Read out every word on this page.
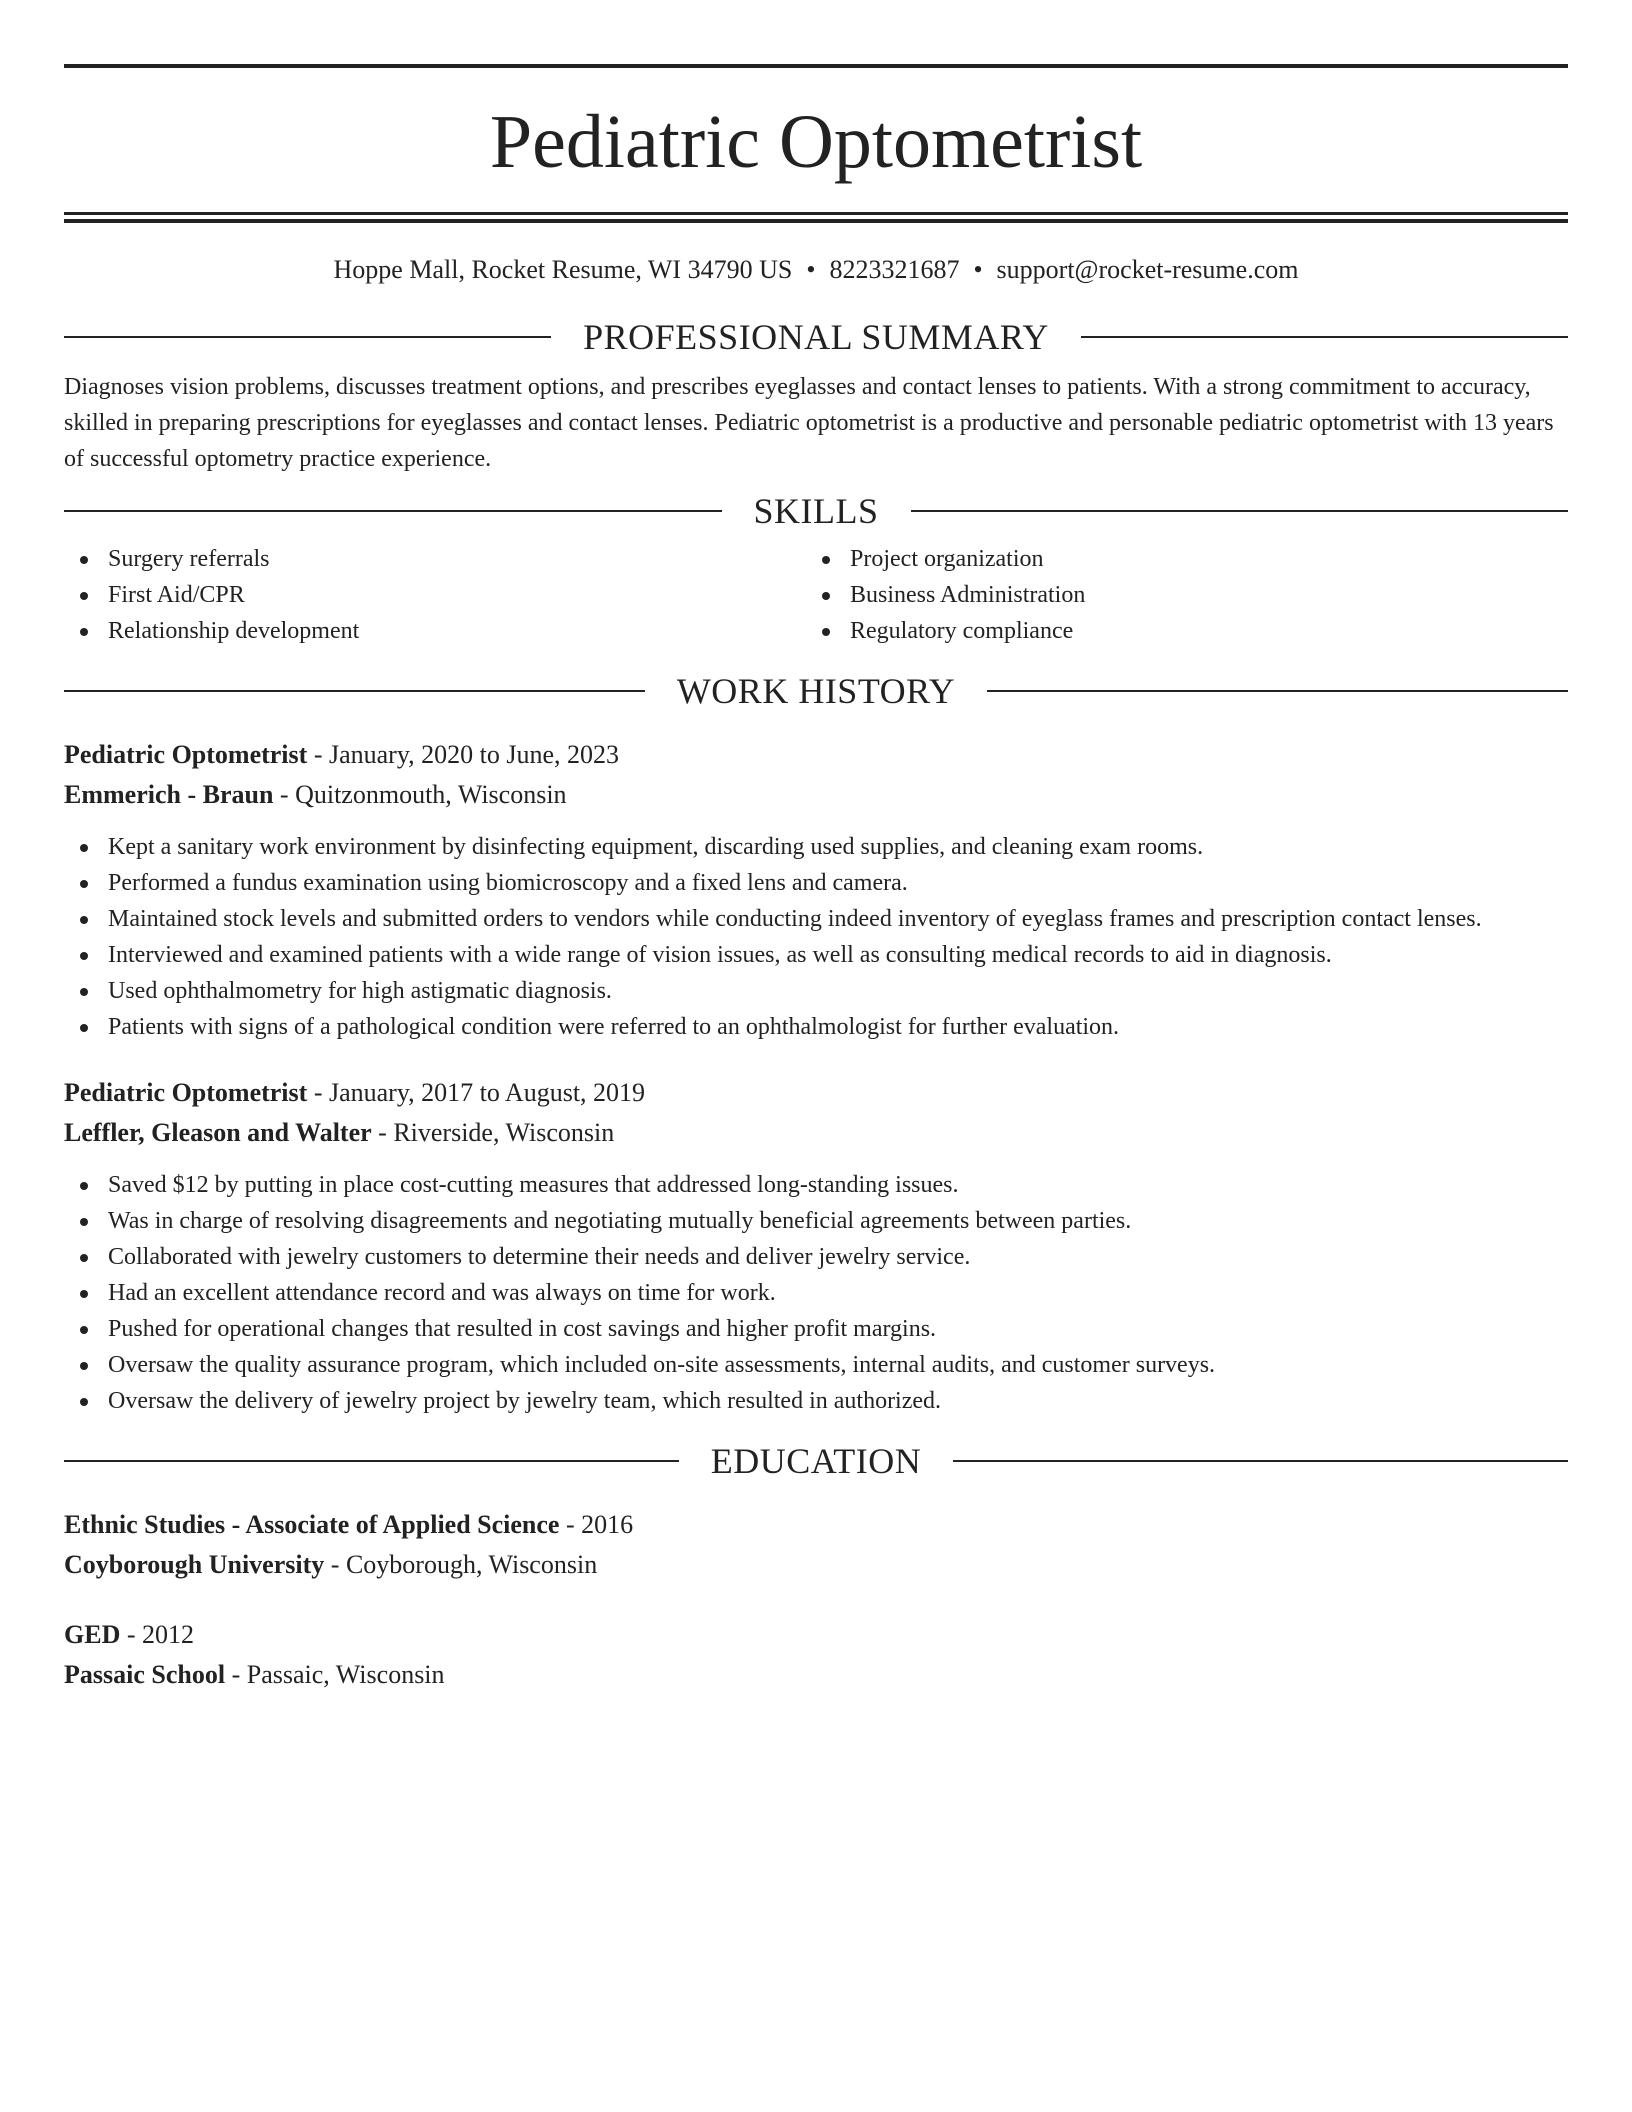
Pediatric Optometrist
Hoppe Mall, Rocket Resume, WI 34790 US • 8223321687 • support@rocket-resume.com
PROFESSIONAL SUMMARY

Diagnoses vision problems, discusses treatment options, and prescribes eyeglasses and contact lenses to patients. With a strong commitment to accuracy, skilled in preparing prescriptions for eyeglasses and contact lenses. Pediatric optometrist is a productive and personable pediatric optometrist with 13 years of successful optometry practice experience.

SKILLS
Surgery referrals
First Aid/CPR
Relationship development
Project organization
Business Administration
Regulatory compliance
WORK HISTORY
Pediatric Optometrist - January, 2020 to June, 2023
Emmerich - Braun - Quitzonmouth, Wisconsin
Kept a sanitary work environment by disinfecting equipment, discarding used supplies, and cleaning exam rooms.
Performed a fundus examination using biomicroscopy and a fixed lens and camera.
Maintained stock levels and submitted orders to vendors while conducting indeed inventory of eyeglass frames and prescription contact lenses.
Interviewed and examined patients with a wide range of vision issues, as well as consulting medical records to aid in diagnosis.
Used ophthalmometry for high astigmatic diagnosis.
Patients with signs of a pathological condition were referred to an ophthalmologist for further evaluation.
Pediatric Optometrist - January, 2017 to August, 2019
Leffler, Gleason and Walter - Riverside, Wisconsin
Saved $12 by putting in place cost-cutting measures that addressed long-standing issues.
Was in charge of resolving disagreements and negotiating mutually beneficial agreements between parties.
Collaborated with jewelry customers to determine their needs and deliver jewelry service.
Had an excellent attendance record and was always on time for work.
Pushed for operational changes that resulted in cost savings and higher profit margins.
Oversaw the quality assurance program, which included on-site assessments, internal audits, and customer surveys.
Oversaw the delivery of jewelry project by jewelry team, which resulted in authorized.
EDUCATION
Ethnic Studies - Associate of Applied Science - 2016
Coyborough University - Coyborough, Wisconsin
GED - 2012
Passaic School - Passaic, Wisconsin
